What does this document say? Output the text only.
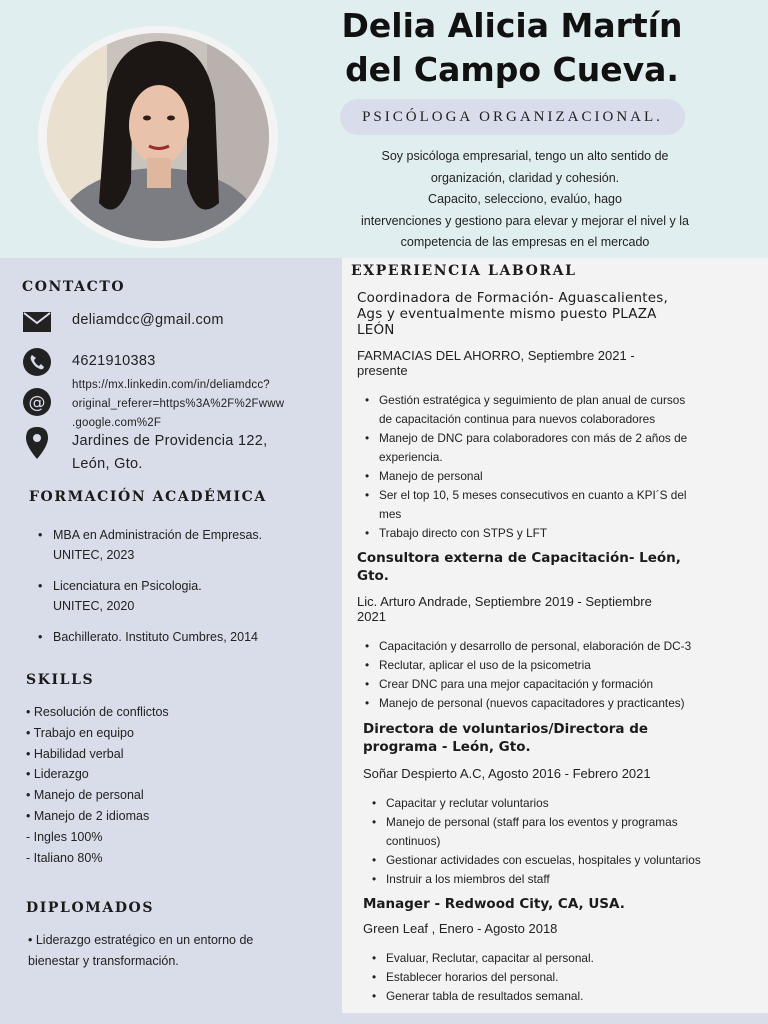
Delia Alicia Martín
del Campo Cueva.
PSICÓLOGA ORGANIZACIONAL.
Soy psicóloga empresarial, tengo un alto sentido de
organización, claridad y cohesión.
Capacito, selecciono, evalúo, hago
intervenciones y gestiono para elevar y mejorar el nivel y la
competencia de las empresas en el mercado
CONTACTO
deliamdcc@gmail.com
4621910383
@
https://mx.linkedin.com/in/deliamdcc?
original_referer=https%3A%2F%2Fwww
.google.com%2F
Jardines de Providencia 122,
León, Gto.
FORMACIÓN ACADÉMICA
• MBA en Administración de Empresas.
UNITEC, 2023
• Licenciatura en Psicologia.
UNITEC, 2020
• Bachillerato. Instituto Cumbres, 2014
SKILLS
• Resolución de conflictos
• Trabajo en equipo
• Habilidad verbal
• Liderazgo
• Manejo de personal
• Manejo de 2 idiomas
- Ingles 100%
- Italiano 80%
DIPLOMADOS
• Liderazgo estratégico en un entorno de
bienestar y transformación.
EXPERIENCIA LABORAL
Coordinadora de Formación- Aguascalientes,
Ags y eventualmente mismo puesto PLAZA
LEÓN
FARMACIAS DEL AHORRO, Septiembre 2021 -
presente
• Gestión estratégica y seguimiento de plan anual de cursos
de capacitación continua para nuevos colaboradores
• Manejo de DNC para colaboradores con más de 2 años de
experiencia.
• Manejo de personal
• Ser el top 10, 5 meses consecutivos en cuanto a KPI´S del
mes
• Trabajo directo con STPS y LFT
Consultora externa de Capacitación- León,
Gto.
Lic. Arturo Andrade, Septiembre 2019 - Septiembre
2021
• Capacitación y desarrollo de personal, elaboración de DC-3
• Reclutar, aplicar el uso de la psicometria
• Crear DNC para una mejor capacitación y formación
• Manejo de personal (nuevos capacitadores y practicantes)
Directora de voluntarios/Directora de
programa - León, Gto.
Soñar Despierto A.C, Agosto 2016 - Febrero 2021
• Capacitar y reclutar voluntarios
• Manejo de personal (staff para los eventos y programas
continuos)
• Gestionar actividades con escuelas, hospitales y voluntarios
• Instruir a los miembros del staff
Manager - Redwood City, CA, USA.
Green Leaf , Enero - Agosto 2018
• Evaluar, Reclutar, capacitar al personal.
• Establecer horarios del personal.
• Generar tabla de resultados semanal.
